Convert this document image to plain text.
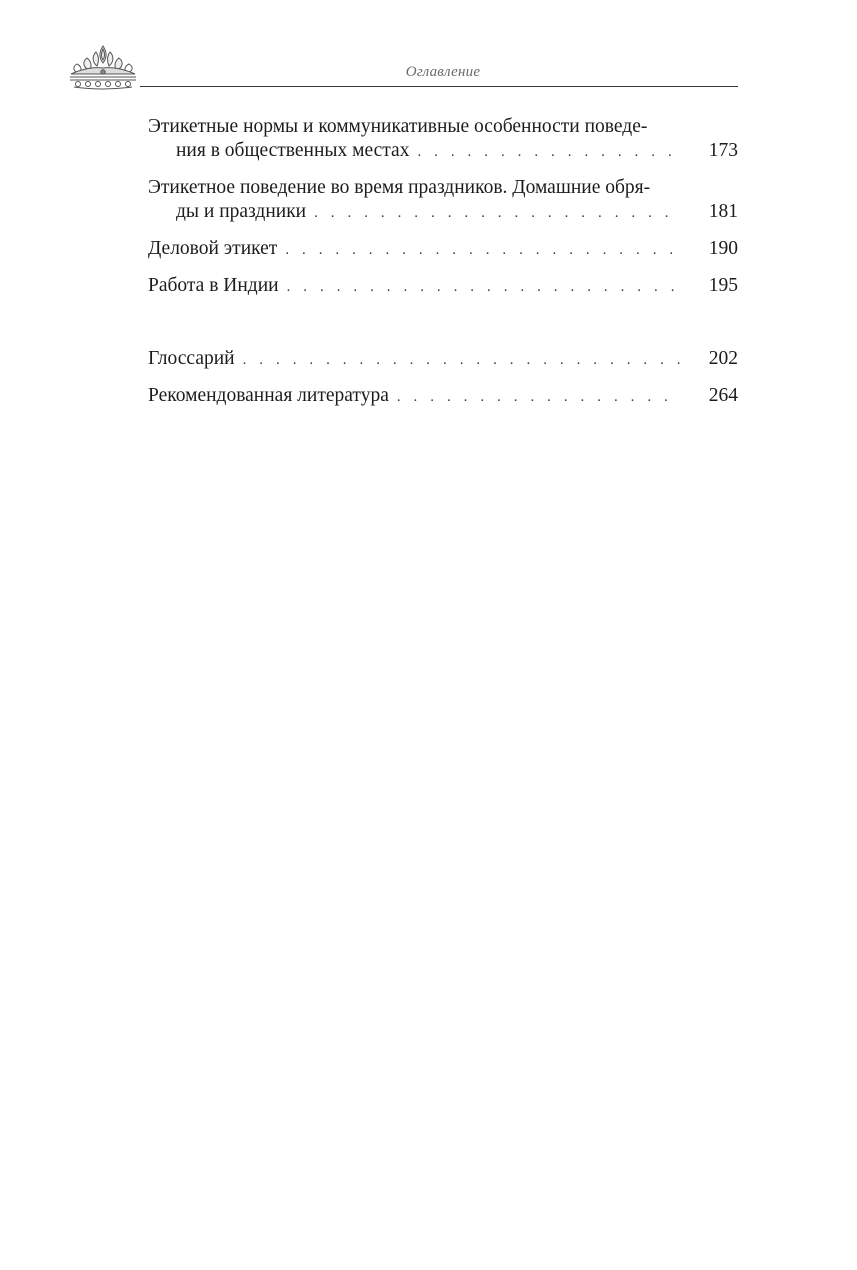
Оглавление
Этикетные нормы и коммуникативные особенности поведе-
ния в общественных местах . . .	173
Этикетное поведение во время праздников. Домашние обря-
ды и праздники . . .	181
Деловой этикет . . .	190
Работа в Индии . . .	195
Глоссарий . . .	202
Рекомендованная литература . . .	264
